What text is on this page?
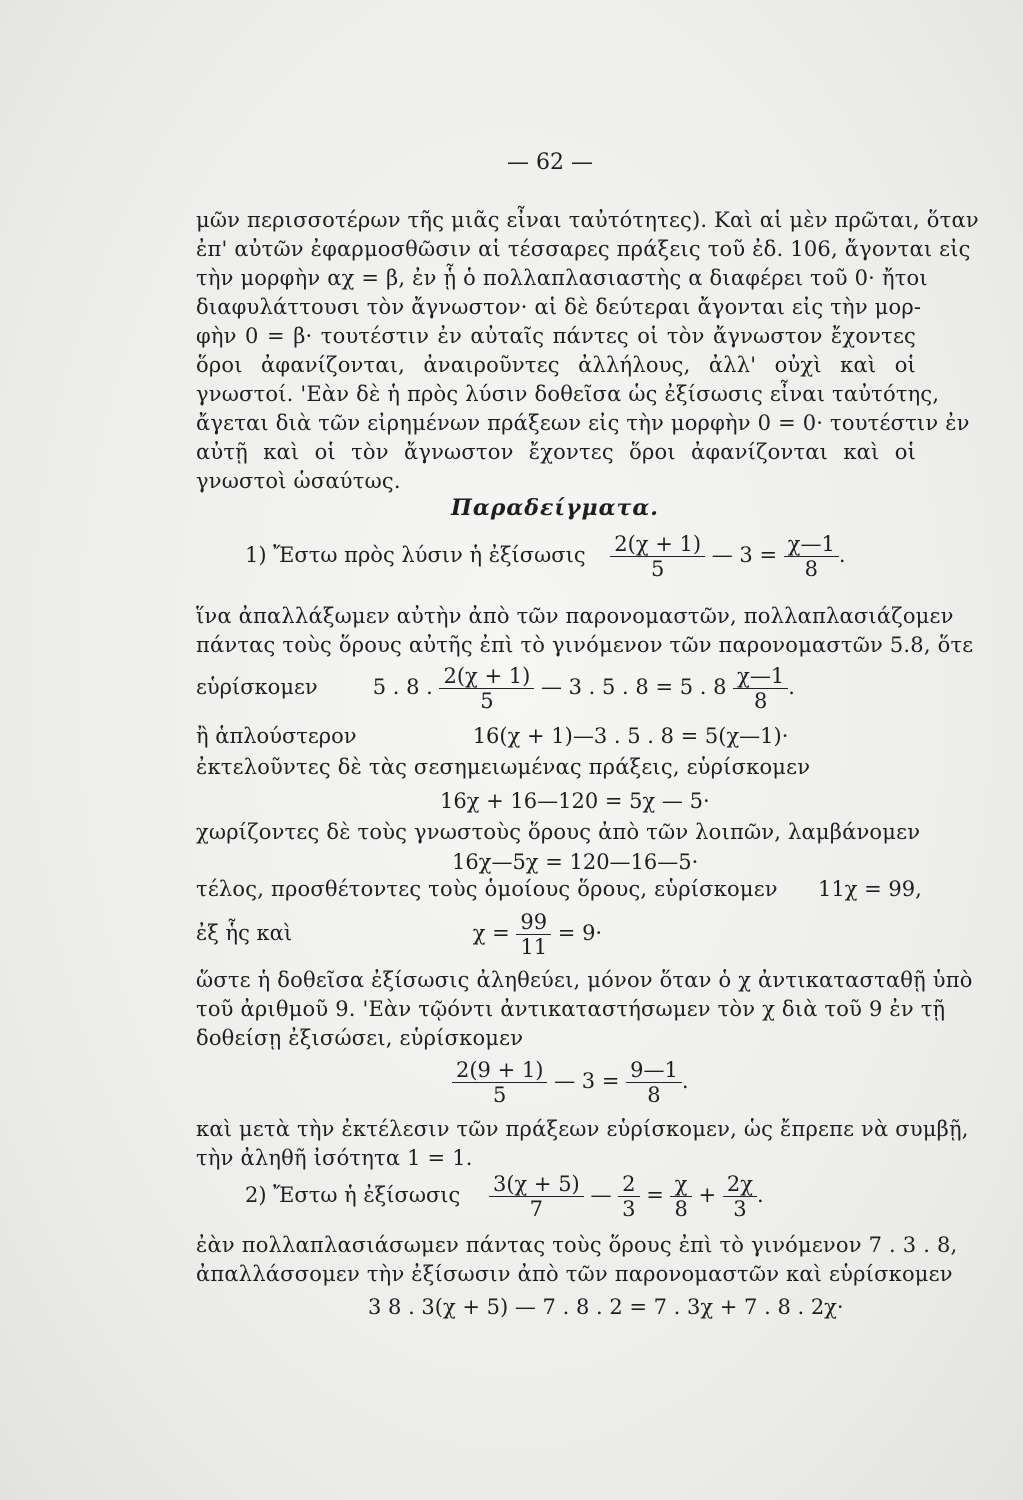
— 62 —
μῶν περισσοτέρων τῆς μιᾶς εἶναι ταὐτότητες). Καὶ αἱ μὲν πρῶται, ὅταν
ἐπ' αὐτῶν ἐφαρμοσθῶσιν αἱ τέσσαρες πράξεις τοῦ ἐδ. 106, ἄγονται εἰς
τὴν μορφὴν αχ = β, ἐν ᾗ ὁ πολλαπλασιαστὴς α διαφέρει τοῦ 0· ἤτοι
διαφυλάττουσι τὸν ἄγνωστον· αἱ δὲ δεύτεραι ἄγονται εἰς τὴν μορ-
φὴν 0 = β· τουτέστιν ἐν αὐταῖς πάντες οἱ τὸν ἄγνωστον ἔχοντες
ὅροι ἀφανίζονται, ἀναιροῦντες ἀλλήλους, ἀλλ' οὐχὶ καὶ οἱ
γνωστοί. 'Εὰν δὲ ἡ πρὸς λύσιν δοθεῖσα ὡς ἐξίσωσις εἶναι ταὐτότης,
ἄγεται διὰ τῶν εἰρημένων πράξεων εἰς τὴν μορφὴν 0 = 0· τουτέστιν ἐν
αὐτῇ καὶ οἱ τὸν ἄγνωστον ἔχοντες ὅροι ἀφανίζονται καὶ οἱ
γνωστοὶ ὡσαύτως.
Παραδείγματα.
1) Ἔστω πρὸς λύσιν ἡ ἐξίσωσις $\frac{2(\chi + 1)}{5}$ — $3 = \frac{\chi—1}{8}$ .
ἵνα ἀπαλλάξωμεν αὐτὴν ἀπὸ τῶν παρονομαστῶν, πολλαπλασιάζομεν
πάντας τοὺς ὅρους αὐτῆς ἐπὶ τὸ γινόμενον τῶν παρονομαστῶν 5.8, ὅτε
εὑρίσκομεν	5 . 8 . $\frac{2(\chi + 1)}{5}$ — 3 . 5 . 8 = 5 . $8 \frac{\chi—1}{8}$ .
ἢ ἁπλούστερον	16(χ + 1)—3 . 5 . 8 = 5(χ—1)·
ἐκτελοῦντες δὲ τὰς σεσημειωμένας πράξεις, εὑρίσκομεν
16χ + 16—120 = 5χ — 5·
χωρίζοντες δὲ τοὺς γνωστοὺς ὅρους ἀπὸ τῶν λοιπῶν, λαμβάνομεν
16χ—5χ = 120—16—5·
τέλος, προσθέτοντες τοὺς ὁμοίους ὅρους, εὑρίσκομεν 11χ = 99,
ἐξ ἧς καὶ	$\chi = \frac{99}{11} = 9\cdot$
ὥστε ἡ δοθεῖσα ἐξίσωσις ἀληθεύει, μόνον ὅταν ὁ χ ἀντικατασταθῇ ὑπὸ
τοῦ ἀριθμοῦ 9. 'Εὰν τῷόντι ἀντικαταστήσωμεν τὸν χ διὰ τοῦ 9 ἐν τῇ
δοθείσῃ ἐξισώσει, εὑρίσκομεν
$\frac{2(9 + 1)}{5}$ — $3 = \frac{9—1}{8}$ .
καὶ μετὰ τὴν ἐκτέλεσιν τῶν πράξεων εὑρίσκομεν, ὡς ἔπρεπε νὰ συμβῇ,
τὴν ἀληθῆ ἰσότητα 1 = 1.
2) Ἔστω ἡ ἐξίσωσις $\frac{3(\chi + 5)}{7}$ — $\frac{2}{3} = \frac{\chi}{8} + \frac{2\chi}{3}$ .
ἐὰν πολλαπλασιάσωμεν πάντας τοὺς ὅρους ἐπὶ τὸ γινόμενον 7 . 3 . 8,
ἀπαλλάσσομεν τὴν ἐξίσωσιν ἀπὸ τῶν παρονομαστῶν καὶ εὑρίσκομεν
3 8 . 3(χ + 5) — 7 . 8 . 2 = 7 . 3χ + 7 . 8 . 2χ·
